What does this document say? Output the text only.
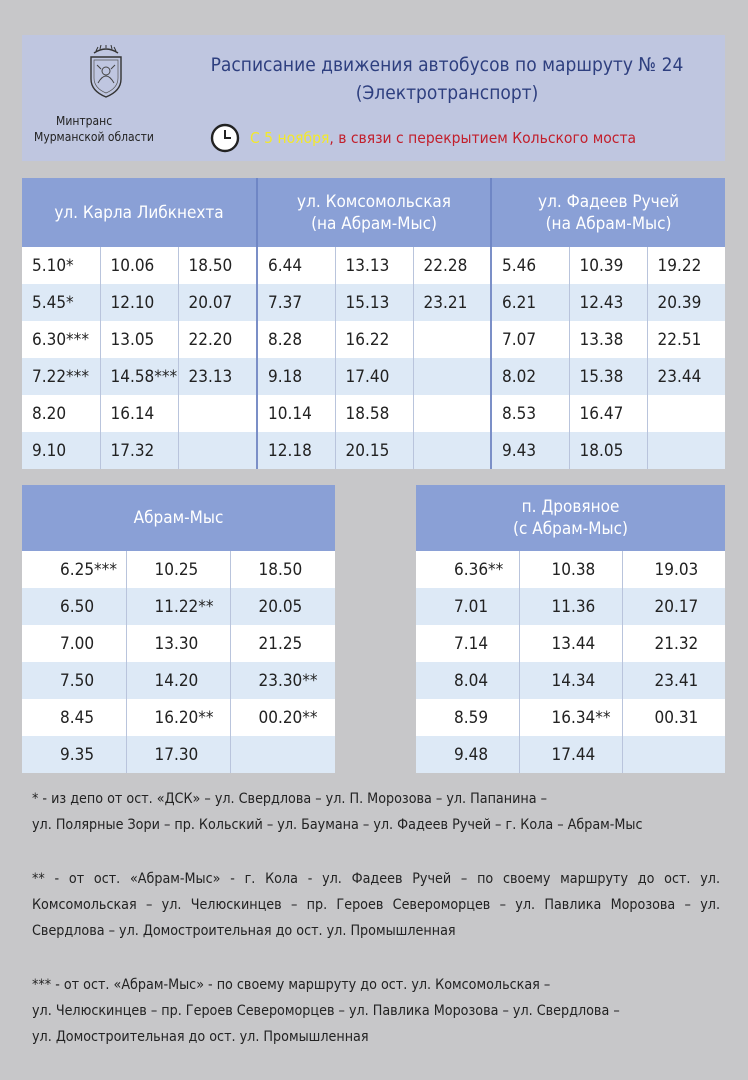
Минтранс
Мурманской области
Расписание движения автобусов по маршруту № 24
(Электротранспорт)
С 5 ноября , в связи с перекрытием Кольского моста
ул. Карла Либкнехта			ул. Комсомольская
(на Абрам-Мыс)			ул. Фадеев Ручей
(на Абрам-Мыс)		

5.10*	10.06	18.50	6.44	13.13	22.28	5.46	10.39	19.22
5.45*	12.10	20.07	7.37	15.13	23.21	6.21	12.43	20.39
6.30***	13.05	22.20	8.28	16.22		7.07	13.38	22.51
7.22***	14.58***	23.13	9.18	17.40		8.02	15.38	23.44
8.20	16.14		10.14	18.58		8.53	16.47	
9.10	17.32		12.18	20.15		9.43	18.05	
Абрам-Мыс		

6.25***	10.25	18.50
6.50	11.22**	20.05
7.00	13.30	21.25
7.50	14.20	23.30**
8.45	16.20**	00.20**
9.35	17.30	
п. Дровяное
(с Абрам-Мыс)		

6.36**	10.38	19.03
7.01	11.36	20.17
7.14	13.44	21.32
8.04	14.34	23.41
8.59	16.34**	00.31
9.48	17.44	

* - из депо от ост. «ДСК» – ул. Свердлова – ул. П. Морозова – ул. Папанина –
ул. Полярные Зори – пр. Кольский – ул. Баумана – ул. Фадеев Ручей – г. Кола – Абрам-Мыс

** - от ост. «Абрам-Мыс» - г. Кола - ул. Фадеев Ручей – по своему маршруту до ост. ул. Комсомольская – ул. Челюскинцев – пр. Героев Североморцев – ул. Павлика Морозова – ул. Свердлова – ул. Домостроительная до ост. ул. Промышленная

*** - от ост. «Абрам-Мыс» - по своему маршруту до ост. ул. Комсомольская –
ул. Челюскинцев – пр. Героев Североморцев – ул. Павлика Морозова – ул. Свердлова –
ул. Домостроительная до ост. ул. Промышленная
